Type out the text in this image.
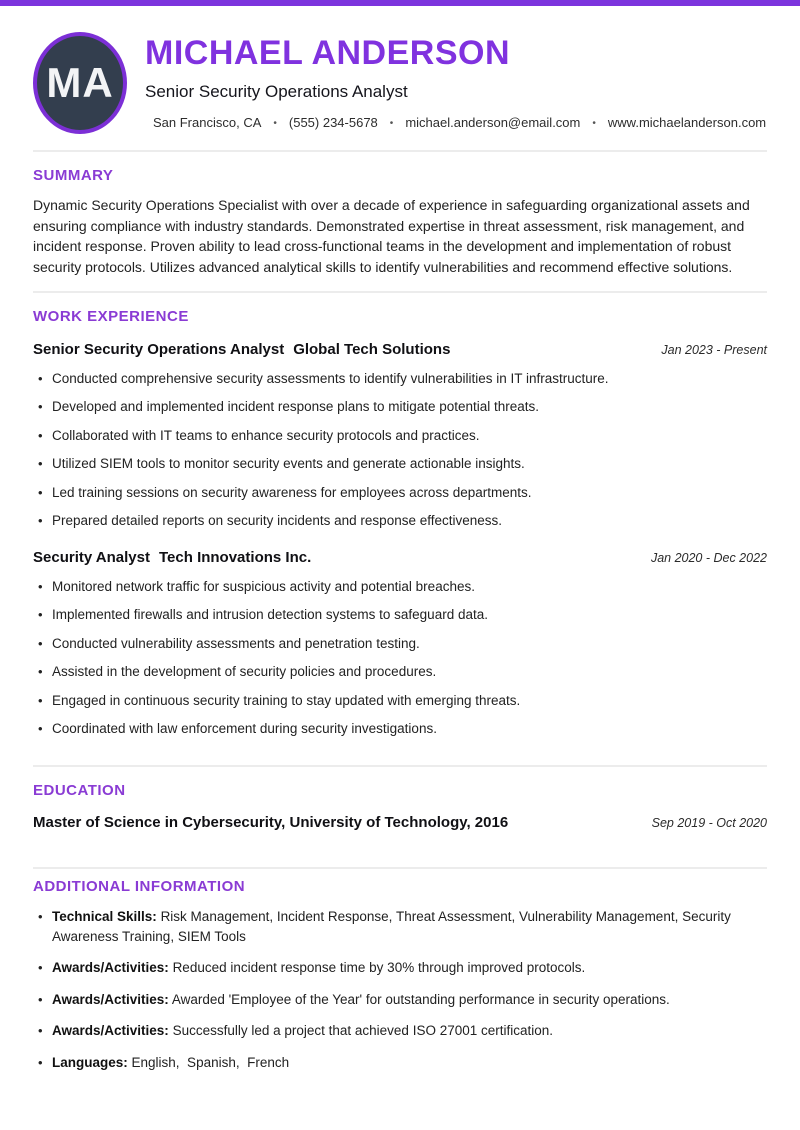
MA
MICHAEL ANDERSON
Senior Security Operations Analyst
San Francisco, CA • (555) 234-5678 • michael.anderson@email.com • www.michaelanderson.com
SUMMARY

Dynamic Security Operations Specialist with over a decade of experience in safeguarding organizational assets and ensuring compliance with industry standards. Demonstrated expertise in threat assessment, risk management, and incident response. Proven ability to lead cross-functional teams in the development and implementation of robust security protocols. Utilizes advanced analytical skills to identify vulnerabilities and recommend effective solutions.

WORK EXPERIENCE
Senior Security Operations Analyst Global Tech Solutions	Jan 2023 - Present
• Conducted comprehensive security assessments to identify vulnerabilities in IT infrastructure.
• Developed and implemented incident response plans to mitigate potential threats.
• Collaborated with IT teams to enhance security protocols and practices.
• Utilized SIEM tools to monitor security events and generate actionable insights.
• Led training sessions on security awareness for employees across departments.
• Prepared detailed reports on security incidents and response effectiveness.
Security Analyst Tech Innovations Inc.	Jan 2020 - Dec 2022
• Monitored network traffic for suspicious activity and potential breaches.
• Implemented firewalls and intrusion detection systems to safeguard data.
• Conducted vulnerability assessments and penetration testing.
• Assisted in the development of security policies and procedures.
• Engaged in continuous security training to stay updated with emerging threats.
• Coordinated with law enforcement during security investigations.
EDUCATION
Master of Science in Cybersecurity, University of Technology, 2016	Sep 2019 - Oct 2020
ADDITIONAL INFORMATION
• Technical Skills: Risk Management, Incident Response, Threat Assessment, Vulnerability Management, Security Awareness Training, SIEM Tools
• Awards/Activities: Reduced incident response time by 30% through improved protocols.
• Awards/Activities: Awarded 'Employee of the Year' for outstanding performance in security operations.
• Awards/Activities: Successfully led a project that achieved ISO 27001 certification.
• Languages: English,  Spanish,  French
